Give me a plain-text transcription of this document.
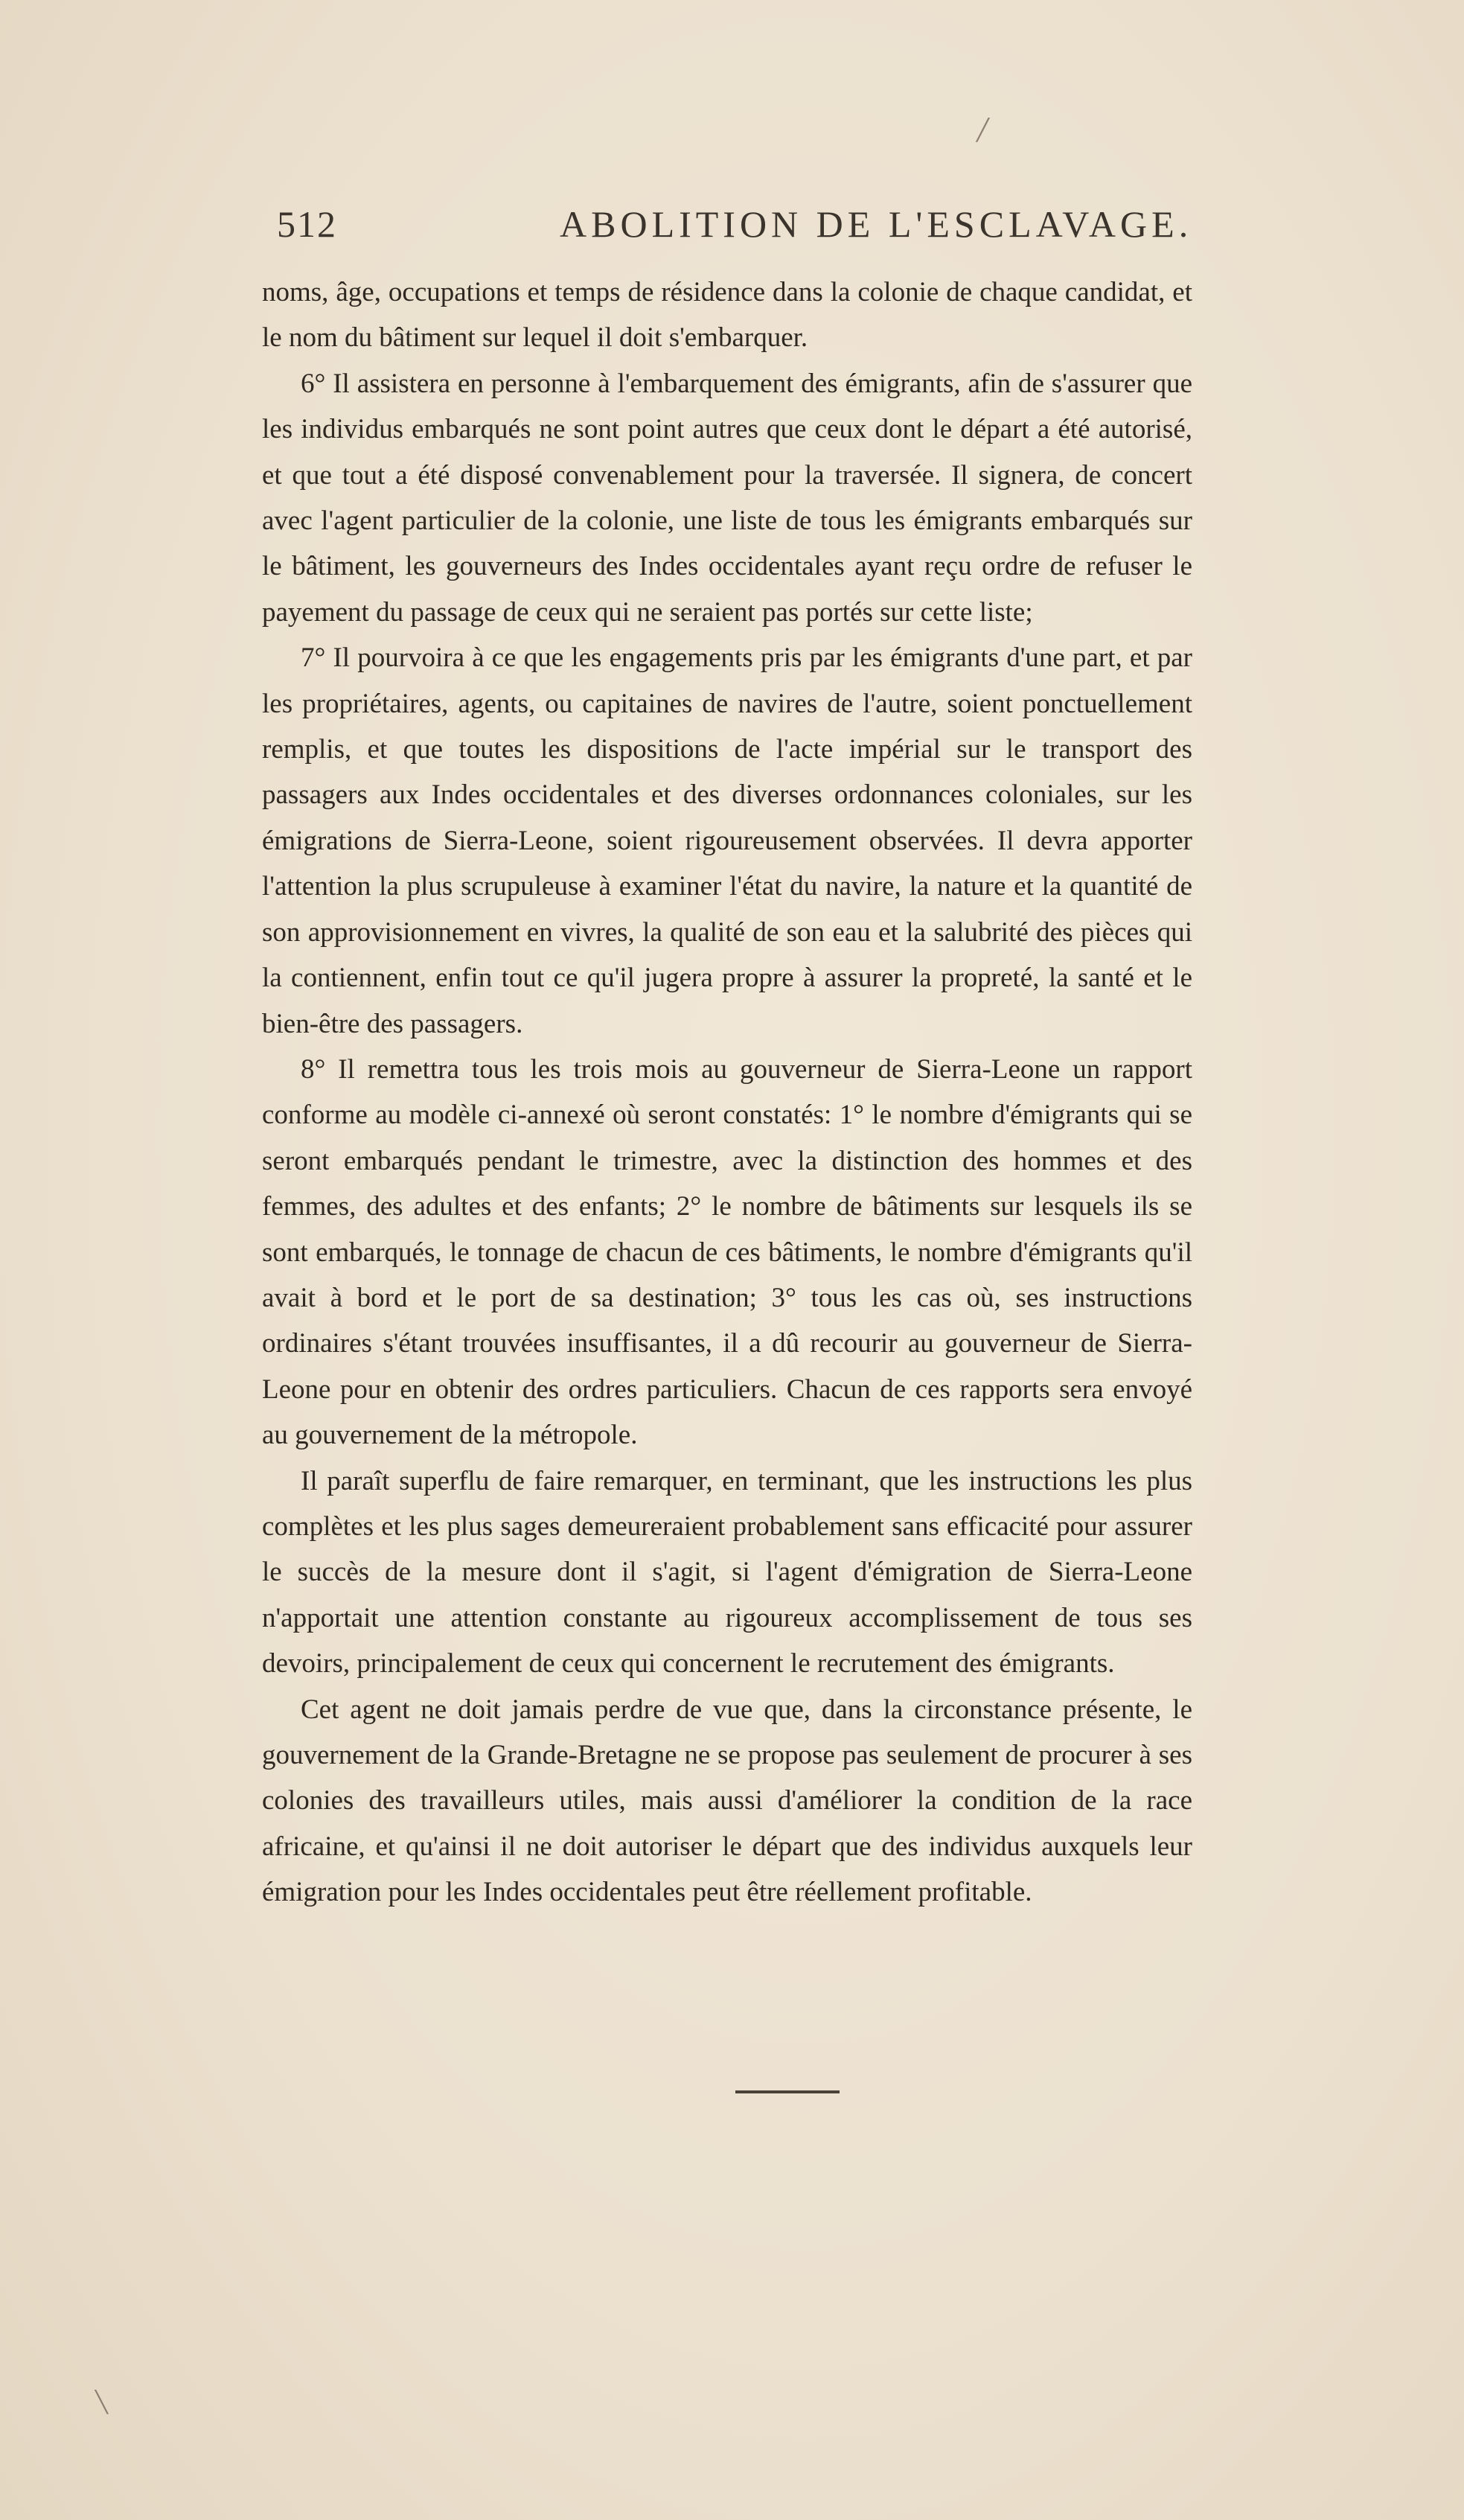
512	ABOLITION DE L'ESCLAVAGE.

noms, âge, occupations et temps de résidence dans la colonie de chaque candidat, et le nom du bâtiment sur lequel il doit s'embarquer.

6° Il assistera en personne à l'embarquement des émigrants, afin de s'assurer que les individus embarqués ne sont point autres que ceux dont le départ a été autorisé, et que tout a été disposé convenablement pour la traversée. Il signera, de concert avec l'agent particulier de la colonie, une liste de tous les émigrants embarqués sur le bâtiment, les gouverneurs des Indes occidentales ayant reçu ordre de refuser le payement du passage de ceux qui ne seraient pas portés sur cette liste;

7° Il pourvoira à ce que les engagements pris par les émigrants d'une part, et par les propriétaires, agents, ou capitaines de navires de l'autre, soient ponctuellement remplis, et que toutes les dispositions de l'acte impérial sur le transport des passagers aux Indes occidentales et des diverses ordonnances coloniales, sur les émigrations de Sierra-Leone, soient rigoureusement observées. Il devra apporter l'attention la plus scrupuleuse à examiner l'état du navire, la nature et la quantité de son approvisionnement en vivres, la qualité de son eau et la salubrité des pièces qui la contiennent, enfin tout ce qu'il jugera propre à assurer la propreté, la santé et le bien-être des passagers.

8° Il remettra tous les trois mois au gouverneur de Sierra-Leone un rapport conforme au modèle ci-annexé où seront constatés: 1° le nombre d'émigrants qui se seront embarqués pendant le trimestre, avec la distinction des hommes et des femmes, des adultes et des enfants; 2° le nombre de bâtiments sur lesquels ils se sont embarqués, le tonnage de chacun de ces bâtiments, le nombre d'émigrants qu'il avait à bord et le port de sa destination; 3° tous les cas où, ses instructions ordinaires s'étant trouvées insuffisantes, il a dû recourir au gouverneur de Sierra-Leone pour en obtenir des ordres particuliers. Chacun de ces rapports sera envoyé au gouvernement de la métropole.

Il paraît superflu de faire remarquer, en terminant, que les instructions les plus complètes et les plus sages demeureraient probablement sans efficacité pour assurer le succès de la mesure dont il s'agit, si l'agent d'émigration de Sierra-Leone n'apportait une attention constante au rigoureux accomplissement de tous ses devoirs, principalement de ceux qui concernent le recrutement des émigrants.

Cet agent ne doit jamais perdre de vue que, dans la circonstance présente, le gouvernement de la Grande-Bretagne ne se propose pas seulement de procurer à ses colonies des travailleurs utiles, mais aussi d'améliorer la condition de la race africaine, et qu'ainsi il ne doit autoriser le départ que des individus auxquels leur émigration pour les Indes occidentales peut être réellement profitable.

╱
╲
